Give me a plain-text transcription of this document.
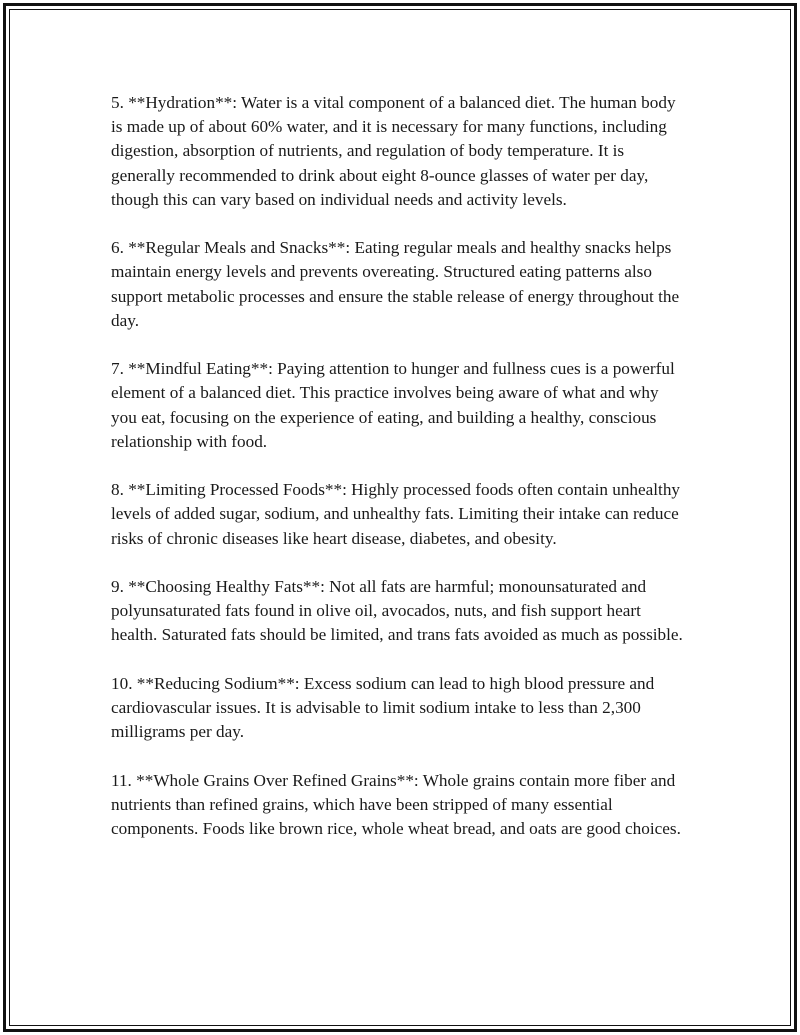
5. **Hydration**: Water is a vital component of a balanced diet. The human body is made up of about 60% water, and it is necessary for many functions, including digestion, absorption of nutrients, and regulation of body temperature. It is generally recommended to drink about eight 8-ounce glasses of water per day, though this can vary based on individual needs and activity levels.

6. **Regular Meals and Snacks**: Eating regular meals and healthy snacks helps maintain energy levels and prevents overeating. Structured eating patterns also support metabolic processes and ensure the stable release of energy throughout the day.

7. **Mindful Eating**: Paying attention to hunger and fullness cues is a powerful element of a balanced diet. This practice involves being aware of what and why you eat, focusing on the experience of eating, and building a healthy, conscious relationship with food.

8. **Limiting Processed Foods**: Highly processed foods often contain unhealthy levels of added sugar, sodium, and unhealthy fats. Limiting their intake can reduce risks of chronic diseases like heart disease, diabetes, and obesity.

9. **Choosing Healthy Fats**: Not all fats are harmful; monounsaturated and polyunsaturated fats found in olive oil, avocados, nuts, and fish support heart health. Saturated fats should be limited, and trans fats avoided as much as possible.

10. **Reducing Sodium**: Excess sodium can lead to high blood pressure and cardiovascular issues. It is advisable to limit sodium intake to less than 2,300 milligrams per day.

11. **Whole Grains Over Refined Grains**: Whole grains contain more fiber and nutrients than refined grains, which have been stripped of many essential components. Foods like brown rice, whole wheat bread, and oats are good choices.
